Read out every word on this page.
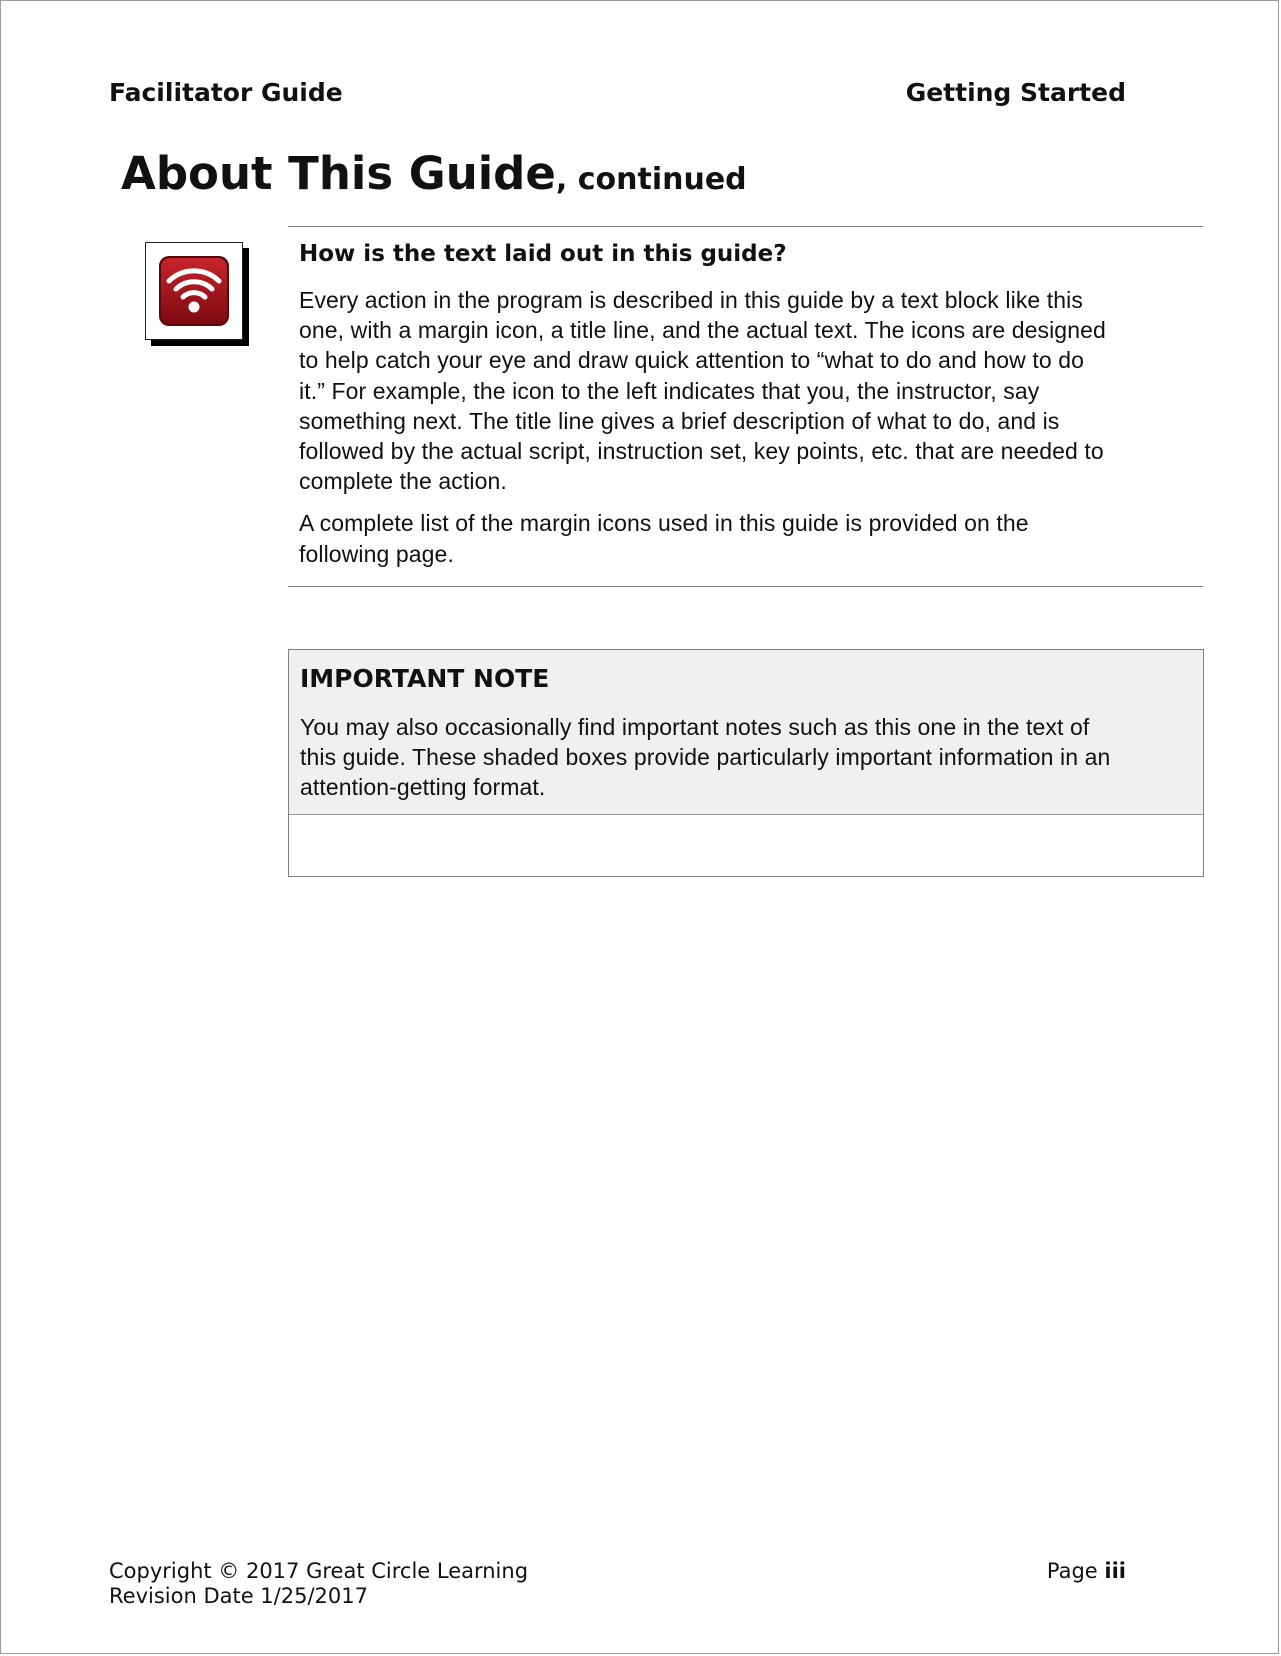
Facilitator Guide	Getting Started
About This Guide, continued
How is the text laid out in this guide?

Every action in the program is described in this guide by a text block like this

one, with a margin icon, a title line, and the actual text. The icons are designed

to help catch your eye and draw quick attention to “what to do and how to do

it.” For example, the icon to the left indicates that you, the instructor, say

something next. The title line gives a brief description of what to do, and is

followed by the actual script, instruction set, key points, etc. that are needed to

complete the action.

A complete list of the margin icons used in this guide is provided on the

following page.

IMPORTANT NOTE

You may also occasionally find important notes such as this one in the text of

this guide. These shaded boxes provide particularly important information in an

attention-getting format.

Copyright © 2017 Great Circle Learning
Revision Date 1/25/2017
Page iii
